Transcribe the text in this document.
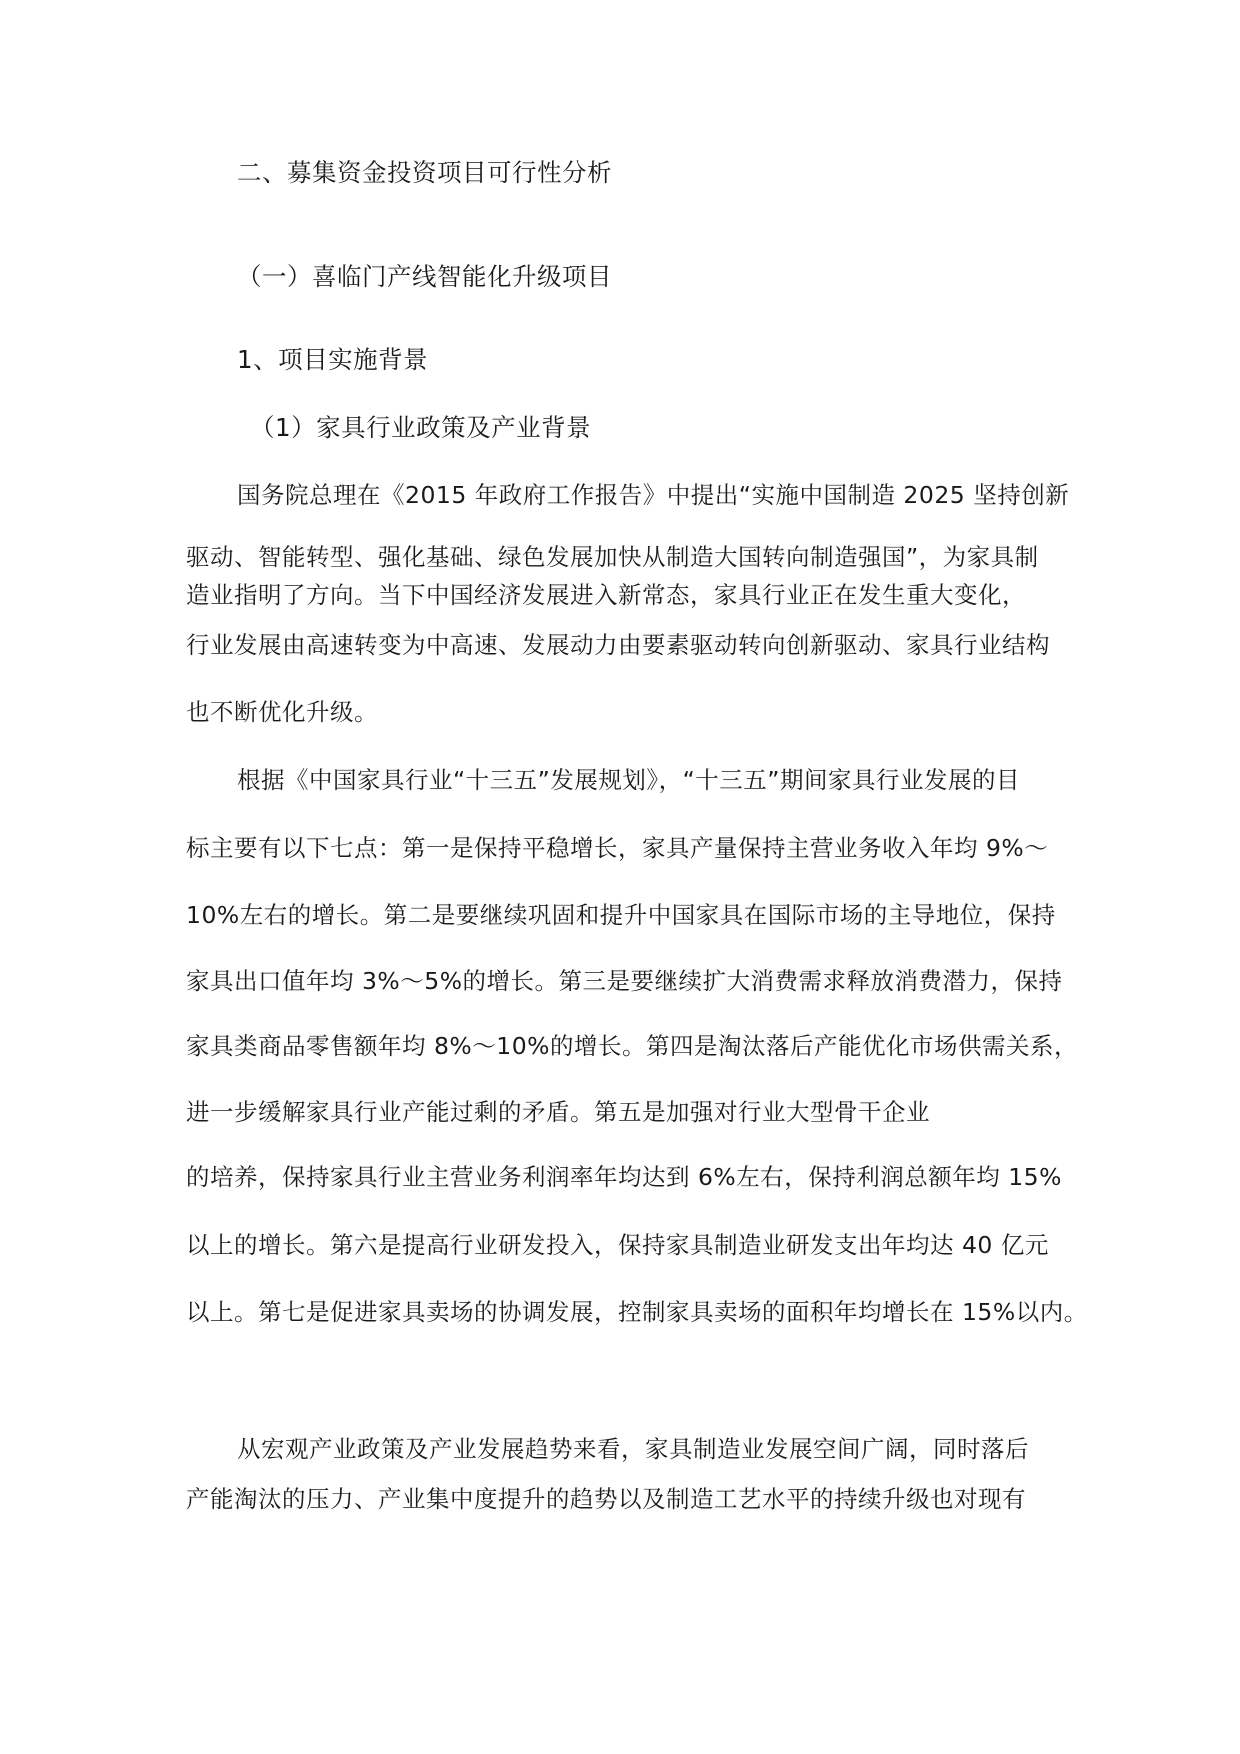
二、募集资金投资项目可行性分析
（一）喜临门产线智能化升级项目
1、项目实施背景
（1）家具行业政策及产业背景
国务院总理在《2015 年政府工作报告》中提出“实施中国制造 2025 坚持创新
驱动、智能转型、强化基础、绿色发展加快从制造大国转向制造强国”，为家具制
造业指明了方向。当下中国经济发展进入新常态，家具行业正在发生重大变化，
行业发展由高速转变为中高速、发展动力由要素驱动转向创新驱动、家具行业结构
也不断优化升级。
根据《中国家具行业“十三五”发展规划》，“十三五”期间家具行业发展的目
标主要有以下七点：第一是保持平稳增长，家具产量保持主营业务收入年均 9%～
10%左右的增长。第二是要继续巩固和提升中国家具在国际市场的主导地位，保持
家具出口值年均 3%～5%的增长。第三是要继续扩大消费需求释放消费潜力，保持
家具类商品零售额年均 8%～10%的增长。第四是淘汰落后产能优化市场供需关系，
进一步缓解家具行业产能过剩的矛盾。第五是加强对行业大型骨干企业
的培养，保持家具行业主营业务利润率年均达到 6%左右，保持利润总额年均 15%
以上的增长。第六是提高行业研发投入，保持家具制造业研发支出年均达 40 亿元
以上。第七是促进家具卖场的协调发展，控制家具卖场的面积年均增长在 15%以内。
从宏观产业政策及产业发展趋势来看，家具制造业发展空间广阔，同时落后
产能淘汰的压力、产业集中度提升的趋势以及制造工艺水平的持续升级也对现有
